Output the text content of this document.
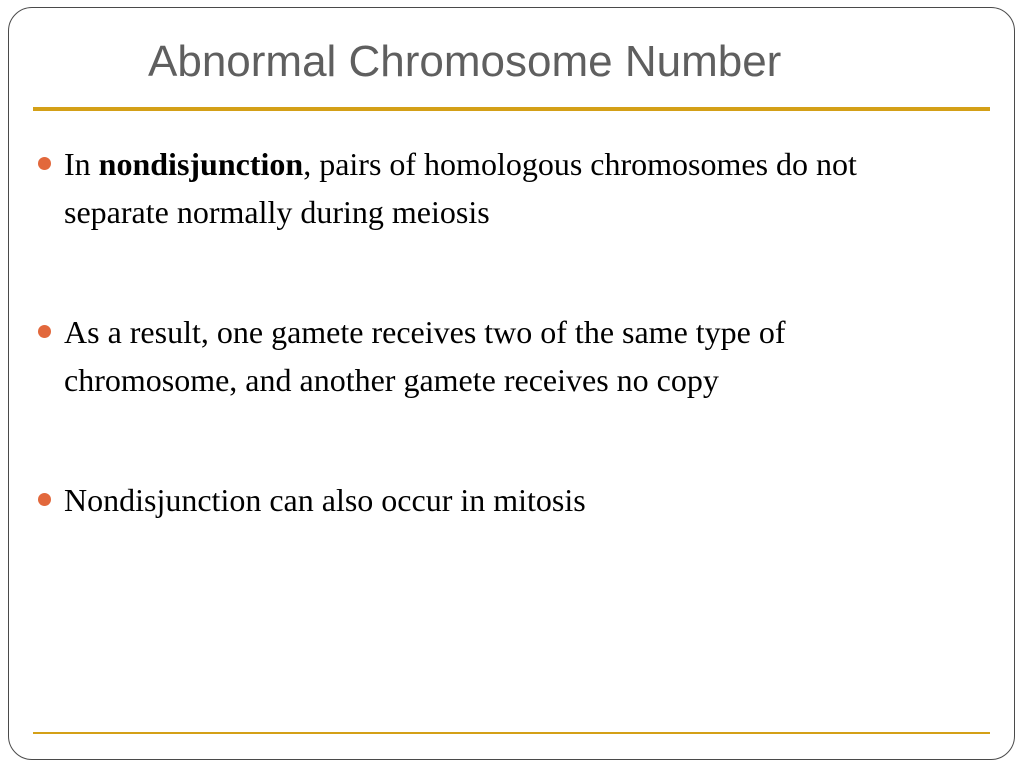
Abnormal Chromosome Number
In nondisjunction, pairs of homologous chromosomes do not separate normally during meiosis
As a result, one gamete receives two of the same type of chromosome, and another gamete receives no copy
Nondisjunction can also occur in mitosis
